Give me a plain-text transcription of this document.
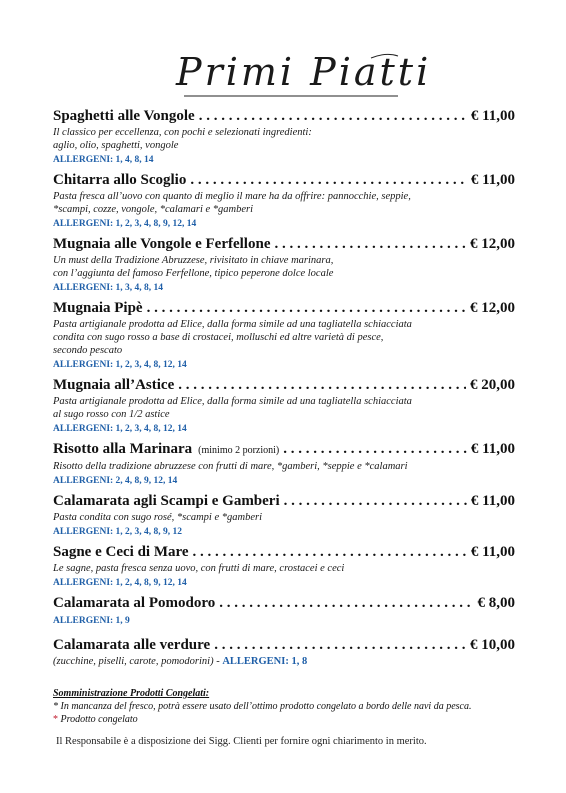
Primi Piatti
Spaghetti alle Vongole . . .	€ 11,00
Il classico per eccellenza, con pochi e selezionati ingredienti:
aglio, olio, spaghetti, vongole
ALLERGENI: 1, 4, 8, 14
Chitarra allo Scoglio . . .	€ 11,00
Pasta fresca all’uovo con quanto di meglio il mare ha da offrire: pannocchie, seppie,
*scampi, cozze, vongole, *calamari e *gamberi
ALLERGENI: 1, 2, 3, 4, 8, 9, 12, 14
Mugnaia alle Vongole e Ferfellone . . .	€ 12,00
Un must della Tradizione Abruzzese, rivisitato in chiave marinara,
con l’aggiunta del famoso Ferfellone, tipico peperone dolce locale
ALLERGENI: 1, 3, 4, 8, 14
Mugnaia Pipè . . .	€ 12,00
Pasta artigianale prodotta ad Elice, dalla forma simile ad una tagliatella schiacciata
condita con sugo rosso a base di crostacei, molluschi ed altre varietà di pesce,
secondo pescato
ALLERGENI: 1, 2, 3, 4, 8, 12, 14
Mugnaia all’Astice . . .	€ 20,00
Pasta artigianale prodotta ad Elice, dalla forma simile ad una tagliatella schiacciata
al sugo rosso con 1/2 astice
ALLERGENI: 1, 2, 3, 4, 8, 12, 14
Risotto alla Marinara (minimo 2 porzioni) . . .	€ 11,00
Risotto della tradizione abruzzese con frutti di mare, *gamberi, *seppie e *calamari
ALLERGENI: 2, 4, 8, 9, 12, 14
Calamarata agli Scampi e Gamberi . . .	€ 11,00
Pasta condita con sugo rosé, *scampi e *gamberi
ALLERGENI: 1, 2, 3, 4, 8, 9, 12
Sagne e Ceci di Mare . . .	€ 11,00
Le sagne, pasta fresca senza uovo, con frutti di mare, crostacei e ceci
ALLERGENI: 1, 2, 4, 8, 9, 12, 14
Calamarata al Pomodoro . . .	€ 8,00
ALLERGENI: 1, 9
Calamarata alle verdure . . .	€ 10,00
(zucchine, piselli, carote, pomodorini) - ALLERGENI: 1, 8
Somministrazione Prodotti Congelati:
* In mancanza del fresco, potrà essere usato dell’ottimo prodotto congelato a bordo delle navi da pesca.
* Prodotto congelato
Il Responsabile è a disposizione dei Sigg. Clienti per fornire ogni chiarimento in merito.
